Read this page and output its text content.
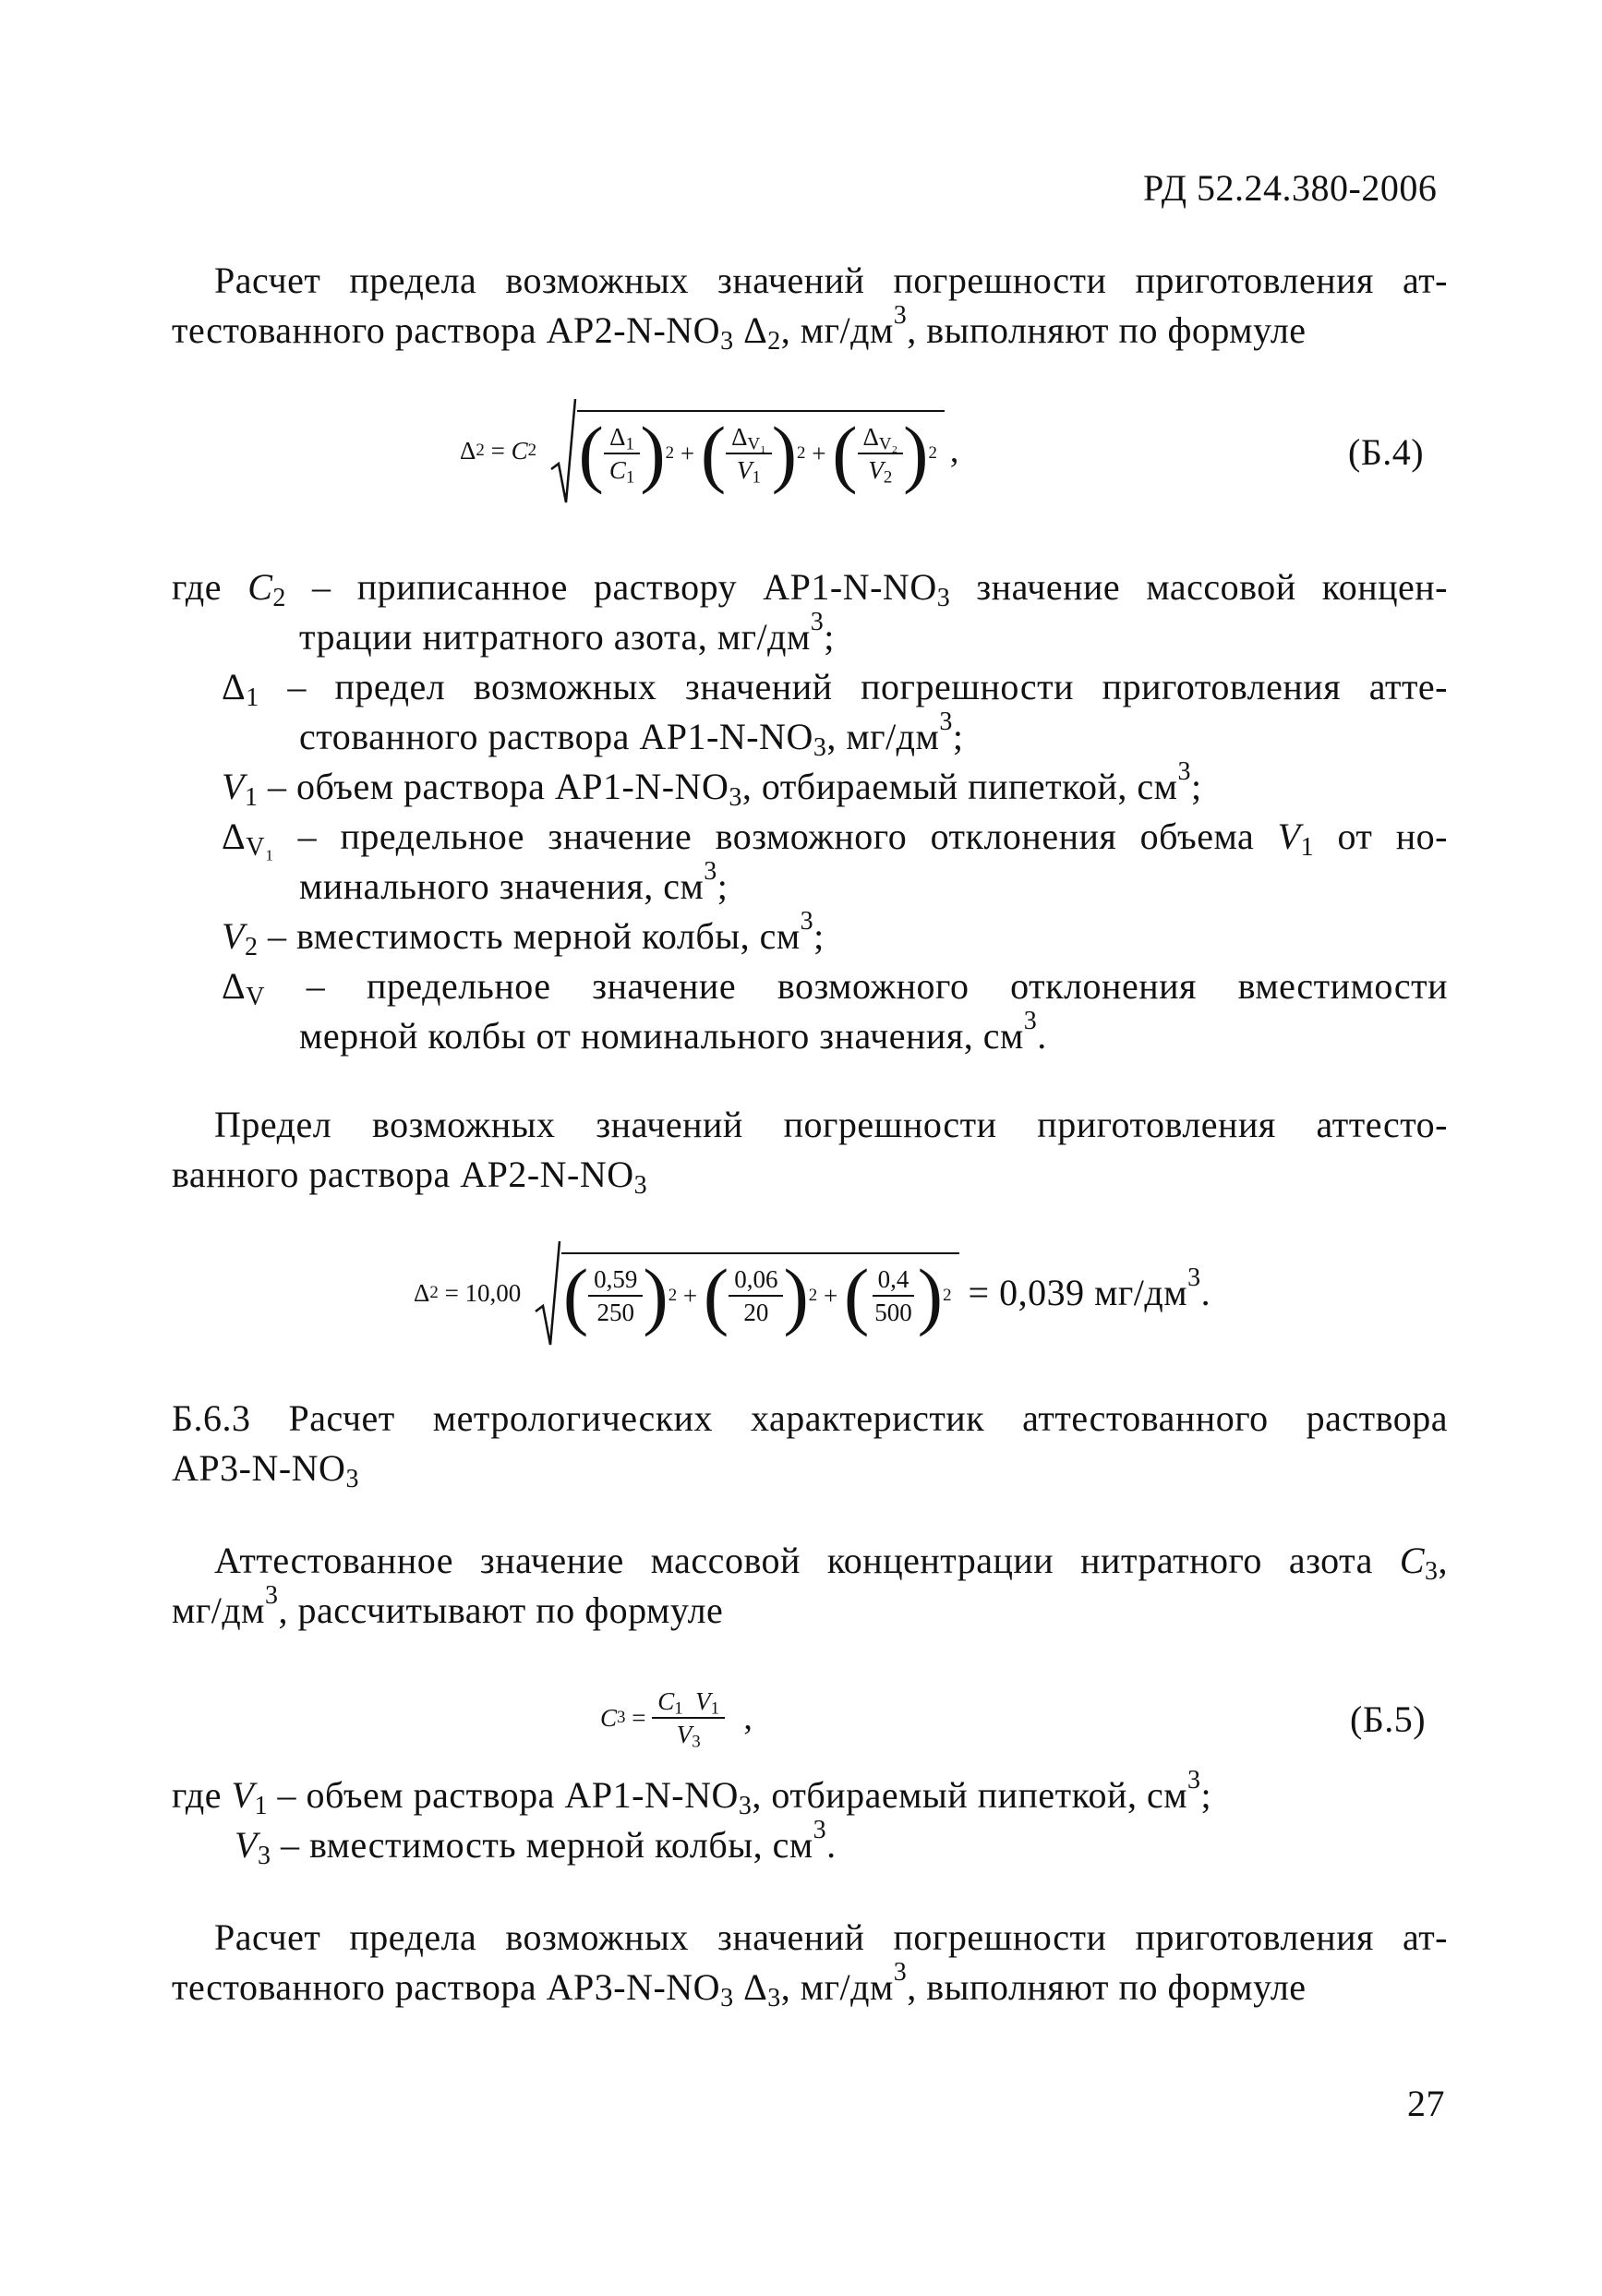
РД 52.24.380-2006
Расчет предела возможных значений погрешности приготовления ат-
тестованного раствора $АР2-N-NO_3$ $\Delta_2$, $мг/дм^3$, выполняют по формуле
Δ 2
=
C 2
( $\frac{\Delta_1}{C_1}$ ) 2
+
( $\frac{\Delta_{V_1}}{V_1}$ ) 2
+
( $\frac{\Delta_{V_2}}{V_2}$ ) 2 ,	(Б.4)
где $C_2$ – приписанное раствору $АР1-N-NO_3$ значение массовой концен-
трации нитратного азота, $мг/дм^3$;
$\Delta_1$ – предел возможных значений погрешности приготовления атте-
стованного раствора $АР1-N-NO_3$, $мг/дм^3$;
$V_1$ – объем раствора $АР1-N-NO_3$, отбираемый пипеткой, $см^3$;
$\Delta_{V_1}$ – предельное значение возможного отклонения объема $V_1$ от но-
минального значения, $см^3$;
$V_2$ – вместимость мерной колбы, $см^3$;
$\Delta_V$ – предельное значение возможного отклонения вместимости
мерной колбы от номинального значения, $см^3$.
Предел возможных значений погрешности приготовления аттесто-
ванного раствора $АР2-N-NO_3$
Δ 2
= 10,00
( $\frac{0,59}{250}$ ) 2
+
( $\frac{0,06}{20}$ ) 2
+
( $\frac{0,4}{500}$ ) 2 = 0,039 $мг/дм^3$.
Б.6.3 Расчет метрологических характеристик аттестованного раствора
$АР3-N-NO_3$
Аттестованное значение массовой концентрации нитратного азота $C_3$,
$мг/дм^3$, рассчитывают по формуле
C 3
=
$\frac{C_1 V_1}{V_3}$
,	(Б.5)
где $V_1$ – объем раствора $АР1-N-NO_3$, отбираемый пипеткой, $см^3$;
$V_3$ – вместимость мерной колбы, $см^3$.
Расчет предела возможных значений погрешности приготовления ат-
тестованного раствора $АР3-N-NO_3$ $\Delta_3$, $мг/дм^3$, выполняют по формуле
27
